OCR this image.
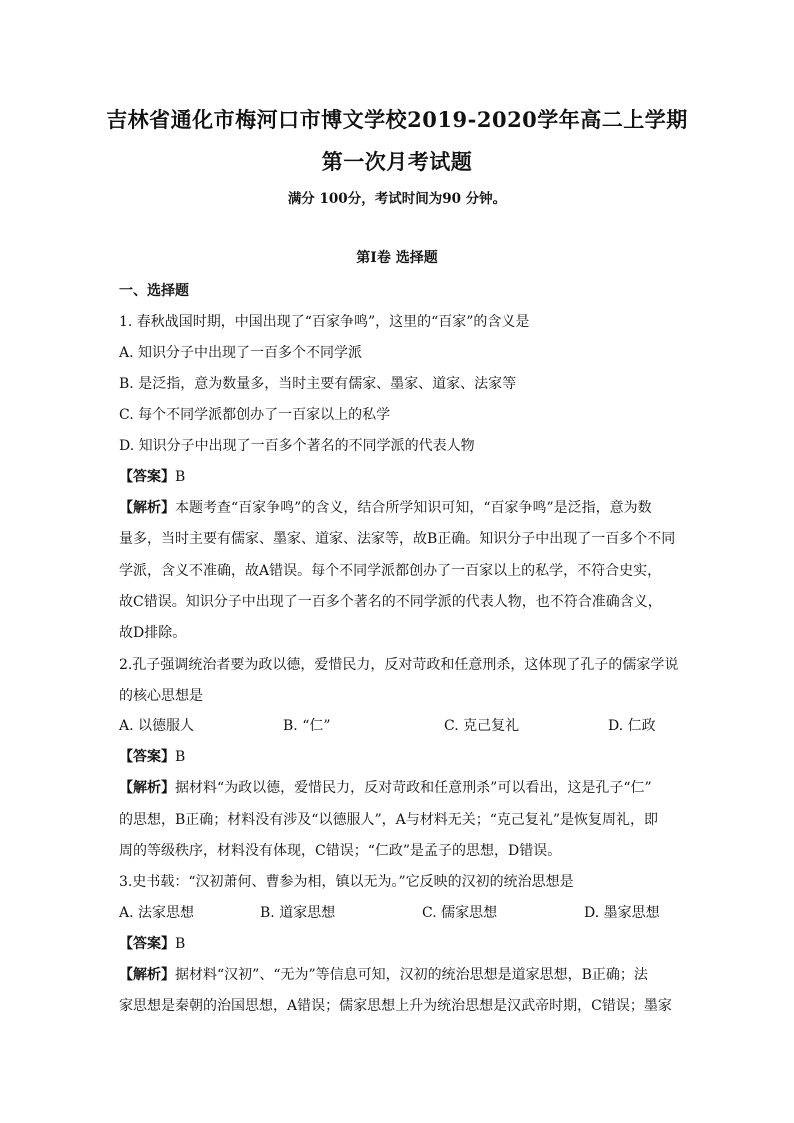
吉林省通化市梅河口市博文学校2019-2020学年高二上学期
第一次月考试题
满分 100分，考试时间为90 分钟。
第Ⅰ卷 选择题
一、选择题
1. 春秋战国时期，中国出现了“百家争鸣”，这里的“百家”的含义是
A. 知识分子中出现了一百多个不同学派
B. 是泛指，意为数量多，当时主要有儒家、墨家、道家、法家等
C. 每个不同学派都创办了一百家以上的私学
D. 知识分子中出现了一百多个著名的不同学派的代表人物
【答案】B
【解析】本题考查“百家争鸣”的含义，结合所学知识可知，“百家争鸣”是泛指，意为数
量多，当时主要有儒家、墨家、道家、法家等，故B正确。知识分子中出现了一百多个不同
学派，含义不准确，故A错误。每个不同学派都创办了一百家以上的私学，不符合史实，
故C错误。知识分子中出现了一百多个著名的不同学派的代表人物，也不符合准确含义，
故D排除。
2.孔子强调统治者要为政以德，爱惜民力，反对苛政和任意刑杀，这体现了孔子的儒家学说
的核心思想是
A. 以德服人	B. “仁”	C. 克己复礼	D. 仁政
【答案】B
【解析】据材料“为政以德，爱惜民力，反对苛政和任意刑杀”可以看出，这是孔子“仁”
的思想，B正确；材料没有涉及“以德服人”，A与材料无关；“克己复礼”是恢复周礼，即
周的等级秩序，材料没有体现，C错误；“仁政”是孟子的思想，D错误。
3.史书载：“汉初萧何、曹参为相，镇以无为。”它反映的汉初的统治思想是
A. 法家思想	B. 道家思想	C. 儒家思想	D. 墨家思想
【答案】B
【解析】据材料“汉初”、“无为”等信息可知，汉初的统治思想是道家思想，B正确；法
家思想是秦朝的治国思想，A错误；儒家思想上升为统治思想是汉武帝时期，C错误；墨家
